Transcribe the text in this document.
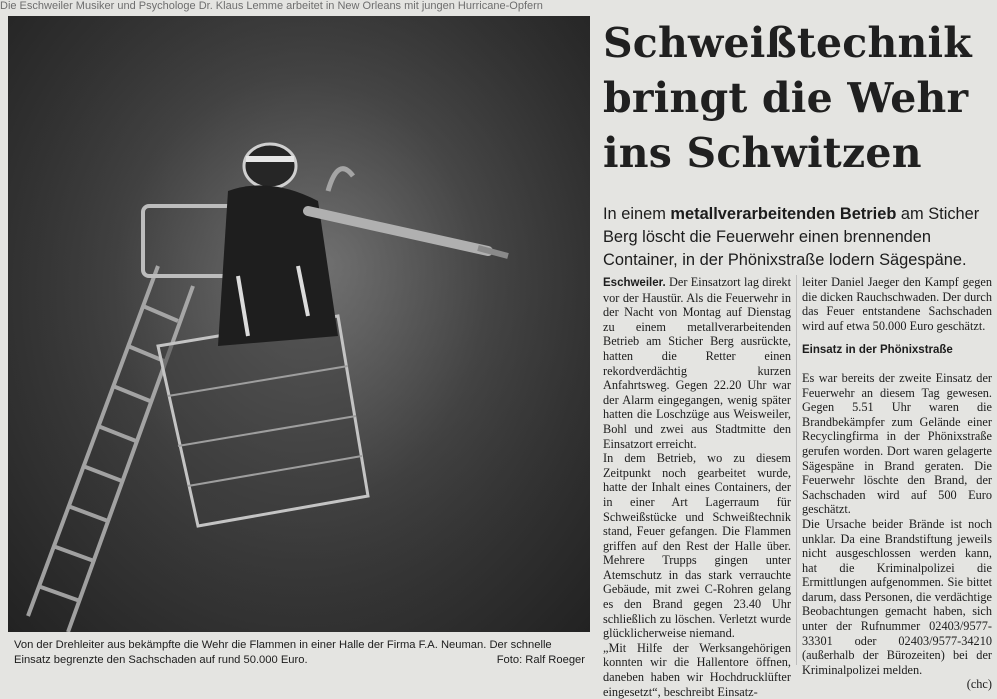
Die Eschweiler Musiker und Psychologe Dr. Klaus Lemme arbeitet in New Orleans mit jungen Hurricane-Opfern
Von der Drehleiter aus bekämpfte die Wehr die Flammen in einer Halle der Firma F.A. Neuman. Der schnelle Einsatz begrenzte den Sachschaden auf rund 50.000 Euro.	Foto: Ralf Roeger
Schweißtechnik
bringt die Wehr
ins Schwitzen
In einem metallverarbeitenden Betrieb am Sticher Berg löscht die Feuerwehr einen brennenden Container, in der Phönixstraße lodern Sägespäne.

Eschweiler. Der Einsatzort lag direkt vor der Haustür. Als die Feuerwehr in der Nacht von Montag auf Dienstag zu einem metallverarbeitenden Betrieb am Sticher Berg ausrückte, hatten die Retter einen rekordverdächtig kurzen Anfahrtsweg. Gegen 22.20 Uhr war der Alarm eingegangen, wenig später hatten die Loschzüge aus Weisweiler, Bohl und zwei aus Stadtmitte den Einsatzort erreicht.

In dem Betrieb, wo zu diesem Zeitpunkt noch gearbeitet wurde, hatte der Inhalt eines Containers, der in einer Art Lagerraum für Schweißstücke und Schweißtechnik stand, Feuer gefangen. Die Flammen griffen auf den Rest der Halle über. Mehrere Trupps gingen unter Atemschutz in das stark verrauchte Gebäude, mit zwei C-Rohren gelang es den Brand gegen 23.40 Uhr schließlich zu löschen. Verletzt wurde glücklicherweise niemand.

„Mit Hilfe der Werksangehörigen konnten wir die Hallentore öffnen, daneben haben wir Hochdrucklüfter eingesetzt“, beschreibt Einsatz-

leiter Daniel Jaeger den Kampf gegen die dicken Rauchschwaden. Der durch das Feuer entstandene Sachschaden wird auf etwa 50.000 Euro geschätzt.

Einsatz in der Phönixstraße

Es war bereits der zweite Einsatz der Feuerwehr an diesem Tag gewesen. Gegen 5.51 Uhr waren die Brandbekämpfer zum Gelände einer Recyclingfirma in der Phönixstraße gerufen worden. Dort waren gelagerte Sägespäne in Brand geraten. Die Feuerwehr löschte den Brand, der Sachschaden wird auf 500 Euro geschätzt.

Die Ursache beider Brände ist noch unklar. Da eine Brandstiftung jeweils nicht ausgeschlossen werden kann, hat die Kriminalpolizei die Ermittlungen aufgenommen. Sie bittet darum, dass Personen, die verdächtige Beobachtungen gemacht haben, sich unter der Rufnummer 02403/9577-33301 oder 02403/9577-34210 (außerhalb der Bürozeiten) bei der Kriminalpolizei melden.

(chc)
